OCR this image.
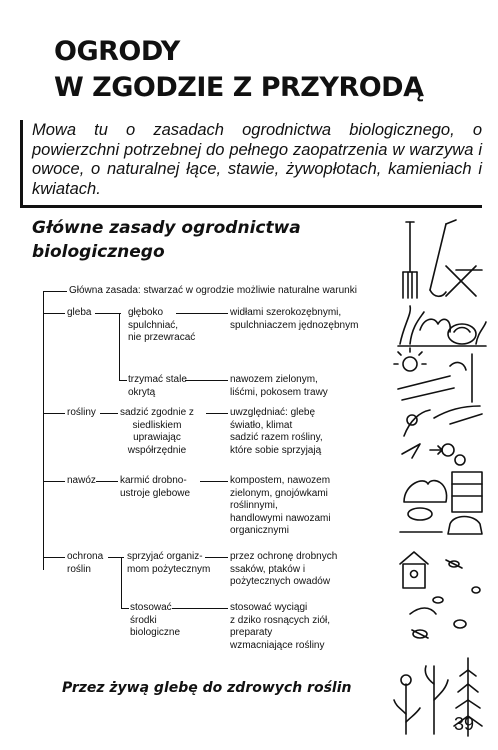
OGRODY
W ZGODZIE Z PRZYRODĄ

Mowa tu o zasadach ogrodnictwa biologicznego, o powierzchni potrzebnej do pełnego zaopatrzenia w warzywa i owoce, o naturalnej łące, stawie, żywopłotach, kamieniach i kwiatach.

Główne zasady ogrodnictwa
biologicznego
Główna zasada: stwarzać w ogrodzie możliwie naturalne warunki
gleba	głęboko
spulchniać,
nie przewracać
widłami szerokozębnymi,
spulchniaczem jędnozębnym
trzymać stale
okrytą
nawozem zielonym,
liśćmi, pokosem trawy
rośliny sadzić zgodnie z
siedliskiem
uprawiając
współrzędnie
uwzględniać: glebę
światło, klimat
sadzić razem rośliny,
które sobie sprzyjają
nawóz karmić drobno-
ustroje glebowe
kompostem, nawozem
zielonym, gnojówkami
roślinnymi,
handlowymi nawozami
organicznymi
ochrona
roślin
sprzyjać organiz-
mom pożytecznym
przez ochronę drobnych
ssaków, ptaków i
pożytecznych owadów
stosować
środki
biologiczne
stosować wyciągi
z dziko rosnących ziół,
preparaty
wzmacniające rośliny
Przez żywą glebę do zdrowych roślin
39
